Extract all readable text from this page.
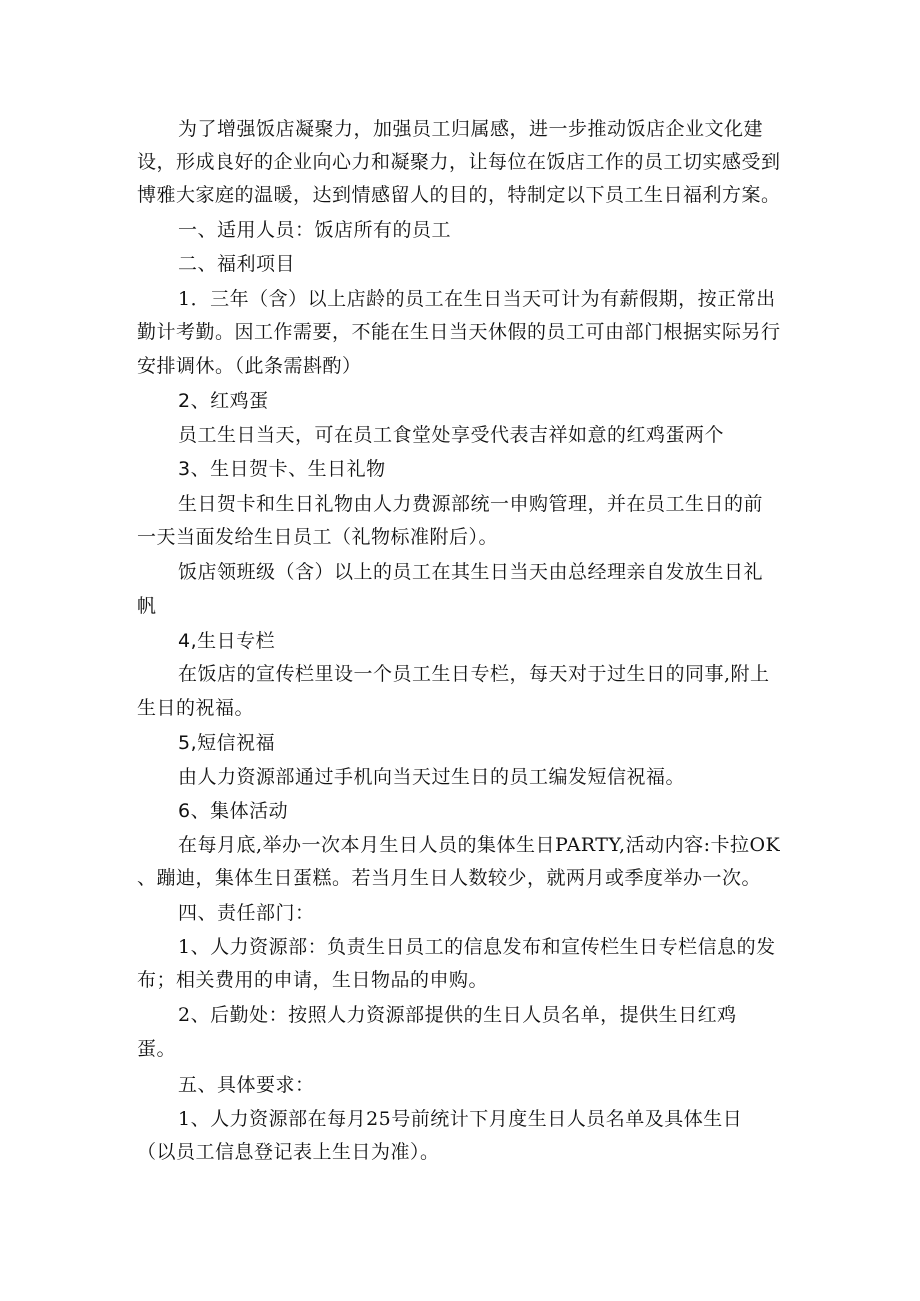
为了增强饭店凝聚力，加强员工归属感，进一步推动饭店企业文化建
设，形成良好的企业向心力和凝聚力，让每位在饭店工作的员工切实感受到
博雅大家庭的温暖，达到情感留人的目的，特制定以下员工生日福利方案。
一、适用人员：饭店所有的员工
二、福利项目
1．三年（含）以上店龄的员工在生日当天可计为有薪假期，按正常出
勤计考勤。因工作需要，不能在生日当天休假的员工可由部门根据实际另行
安排调休。（此条需斟酌）
2、红鸡蛋
员工生日当天，可在员工食堂处享受代表吉祥如意的红鸡蛋两个
3、生日贺卡、生日礼物
生日贺卡和生日礼物由人力费源部统一申购管理，并在员工生日的前
一天当面发给生日员工（礼物标准附后）。
饭店领班级（含）以上的员工在其生日当天由总经理亲自发放生日礼
帆
4,生日专栏
在饭店的宣传栏里设一个员工生日专栏，每天对于过生日的同事,附上
生日的祝福。
5,短信祝福
由人力资源部通过手机向当天过生日的员工编发短信祝福。
6、集体活动
在每月底,举办一次本月生日人员的集体生日PARTY,活动内容:卡拉OK
、蹦迪，集体生日蛋糕。若当月生日人数较少，就两月或季度举办一次。
四、责任部门：
1、人力资源部：负责生日员工的信息发布和宣传栏生日专栏信息的发
布；相关费用的申请，生日物品的申购。
2、后勤处：按照人力资源部提供的生日人员名单，提供生日红鸡
蛋。
五、具体要求：
1、人力资源部在每月25号前统计下月度生日人员名单及具体生日
（以员工信息登记表上生日为准）。
